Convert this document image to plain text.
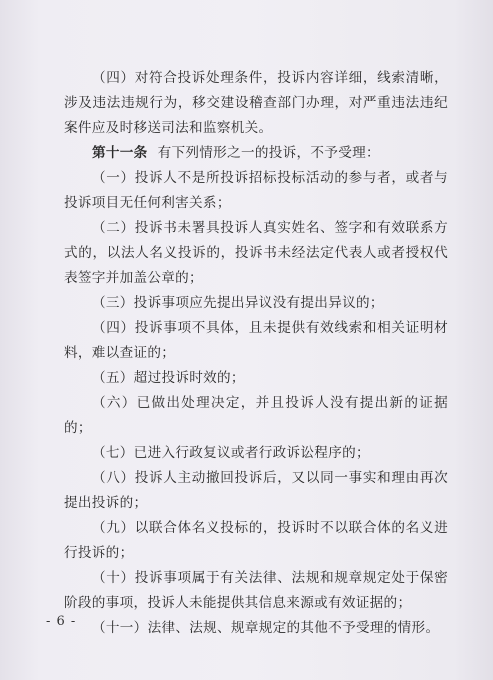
（四）对符合投诉处理条件，投诉内容详细，线索清晰，涉及违法违规行为，移交建设稽查部门办理，对严重违法违纪案件应及时移送司法和监察机关。

第十一条 有下列情形之一的投诉，不予受理：

（一）投诉人不是所投诉招标投标活动的参与者，或者与投诉项目无任何利害关系；

（二）投诉书未署具投诉人真实姓名、签字和有效联系方式的，以法人名义投诉的，投诉书未经法定代表人或者授权代表签字并加盖公章的；

（三）投诉事项应先提出异议没有提出异议的；

（四）投诉事项不具体，且未提供有效线索和相关证明材料，难以查证的；

（五）超过投诉时效的；

（六）已做出处理决定，并且投诉人没有提出新的证据的；

（七）已进入行政复议或者行政诉讼程序的；

（八）投诉人主动撤回投诉后，又以同一事实和理由再次提出投诉的；

（九）以联合体名义投标的，投诉时不以联合体的名义进行投诉的；

（十）投诉事项属于有关法律、法规和规章规定处于保密阶段的事项，投诉人未能提供其信息来源或有效证据的；

（十一）法律、法规、规章规定的其他不予受理的情形。

- 6 -
